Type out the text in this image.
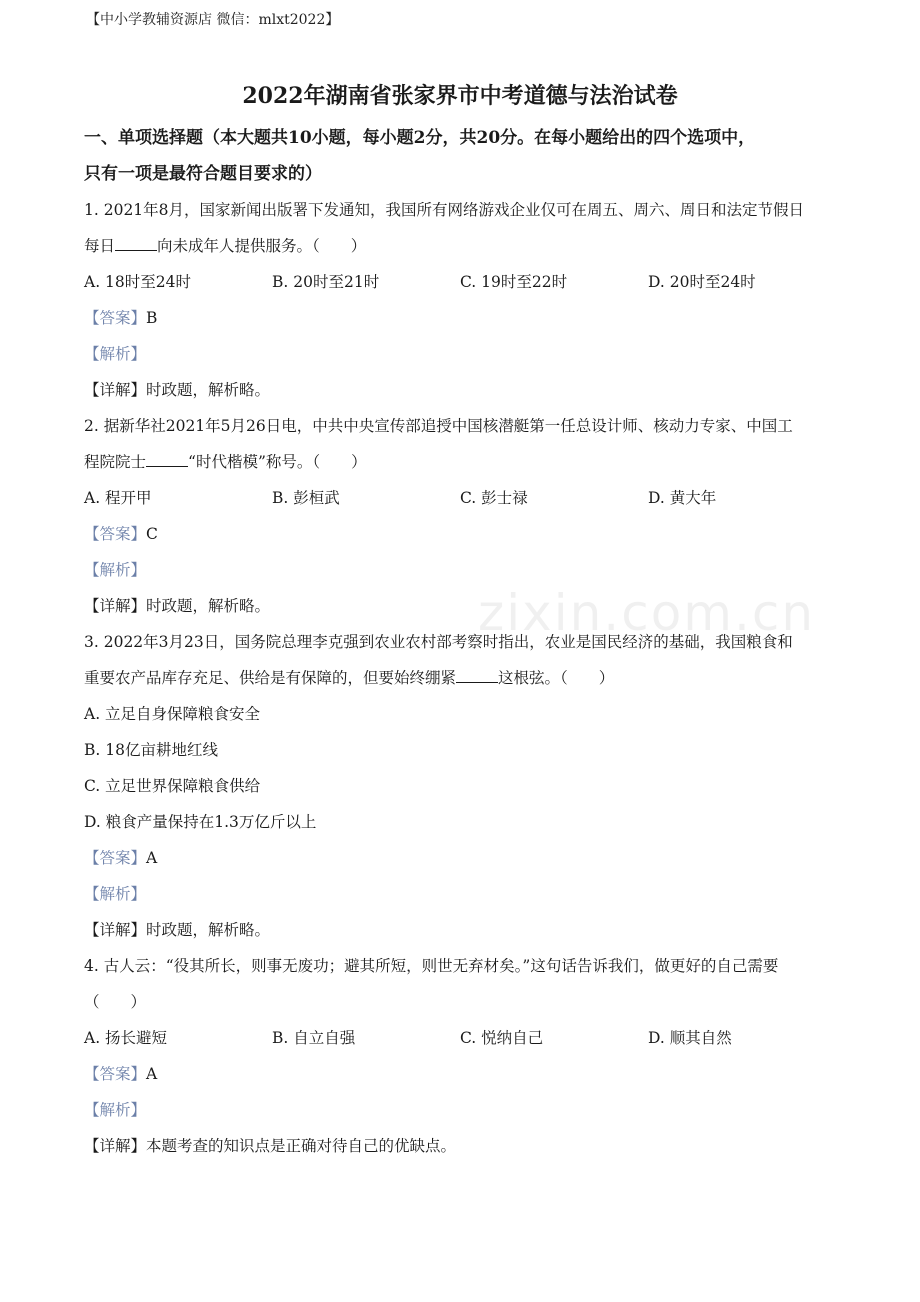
【中小学教辅资源店 微信：mlxt2022】
zixin.com.cn
2022年湖南省张家界市中考道德与法治试卷
一、单项选择题（本大题共10小题，每小题2分，共20分。在每小题给出的四个选项中，
只有一项是最符合题目要求的）
1. 2021年8月，国家新闻出版署下发通知，我国所有网络游戏企业仅可在周五、周六、周日和法定节假日
每日	向未成年人提供服务。（　　）
A. 18时至24时	B. 20时至21时	C. 19时至22时	D. 20时至24时
【答案】B
【解析】
【详解】时政题，解析略。
2. 据新华社2021年5月26日电，中共中央宣传部追授中国核潜艇第一任总设计师、核动力专家、中国工
程院院士	“时代楷模”称号。（　　）
A. 程开甲	B. 彭桓武	C. 彭士禄	D. 黄大年
【答案】C
【解析】
【详解】时政题，解析略。
3. 2022年3月23日，国务院总理李克强到农业农村部考察时指出，农业是国民经济的基础，我国粮食和
重要农产品库存充足、供给是有保障的，但要始终绷紧	这根弦。（　　）
A. 立足自身保障粮食安全
B. 18亿亩耕地红线
C. 立足世界保障粮食供给
D. 粮食产量保持在1.3万亿斤以上
【答案】A
【解析】
【详解】时政题，解析略。
4. 古人云：“役其所长，则事无废功；避其所短，则世无弃材矣。”这句话告诉我们，做更好的自己需要
（　　）
A. 扬长避短	B. 自立自强	C. 悦纳自己	D. 顺其自然
【答案】A
【解析】
【详解】本题考查的知识点是正确对待自己的优缺点。
